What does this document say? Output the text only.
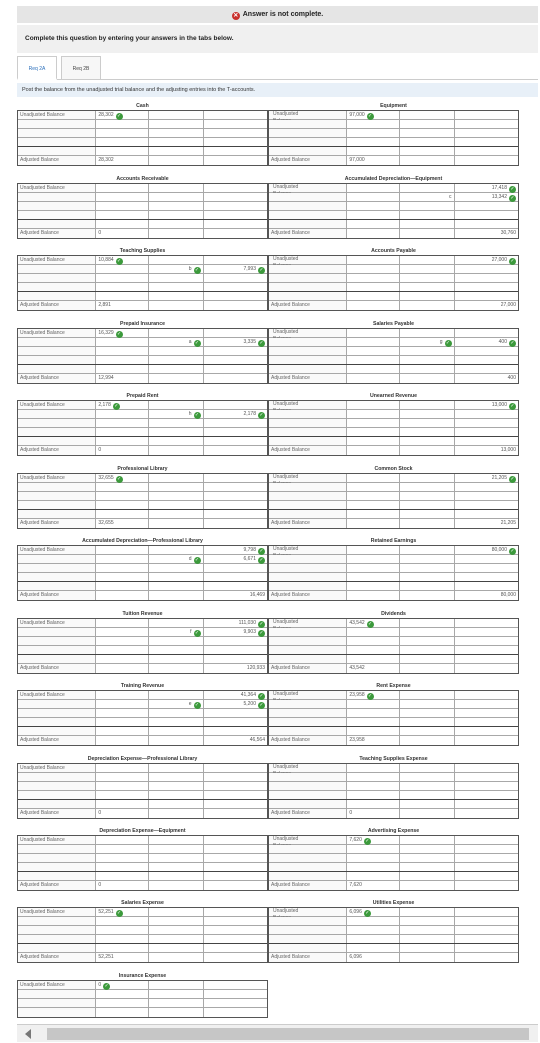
✕ Answer is not complete.
Complete this question by entering your answers in the tabs below.
Req 2A	Req 2B
Post the balance from the unadjusted trial balance and the adjusting entries into the T-accounts.
Cash
Unadjusted Balance	28,302 ✓
Adjusted Balance	28,302
Equipment
Unadjusted	97,000 ✓
Adjusted Balance	97,000
Accounts Receivable
Unadjusted Balance
Adjusted Balance	0
Accumulated Depreciation—Equipment
Unadjusted	17,418 ✓
c	13,342 ✓
Adjusted Balance	30,760
Teaching Supplies
Unadjusted Balance	10,884 ✓
b ✓	7,993 ✓
Adjusted Balance	2,891
Accounts Payable
Unadjusted	27,000 ✓
Adjusted Balance	27,000
Prepaid Insurance
Unadjusted Balance	16,329 ✓
a ✓	3,335 ✓
Adjusted Balance	12,994
Salaries Payable
Unadjusted
g ✓	400 ✓
Adjusted Balance	400
Prepaid Rent
Unadjusted Balance	2,178 ✓
h ✓	2,178 ✓
Adjusted Balance	0
Unearned Revenue
Unadjusted	13,000 ✓
Adjusted Balance	13,000
Professional Library
Unadjusted Balance	32,655 ✓
Adjusted Balance	32,655
Common Stock
Unadjusted	21,205 ✓
Adjusted Balance	21,205
Accumulated Depreciation—Professional Library
Unadjusted Balance	9,798 ✓
d ✓	6,671 ✓
Adjusted Balance	16,469
Retained Earnings
Unadjusted	80,000 ✓
Adjusted Balance	80,000
Tuition Revenue
Unadjusted Balance	111,030 ✓
f ✓	9,903 ✓
Adjusted Balance	120,933
Dividends
Unadjusted	43,542 ✓
Adjusted Balance	43,542
Training Revenue
Unadjusted Balance	41,364 ✓
e ✓	5,200 ✓
Adjusted Balance	46,564
Rent Expense
Unadjusted	23,958 ✓
Adjusted Balance	23,958
Depreciation Expense—Professional Library
Unadjusted Balance
Adjusted Balance	0
Teaching Supplies Expense
Unadjusted
Adjusted Balance	0
Depreciation Expense—Equipment
Unadjusted Balance
Adjusted Balance	0
Advertising Expense
Unadjusted	7,620 ✓
Adjusted Balance	7,620
Salaries Expense
Unadjusted Balance	52,251 ✓
Adjusted Balance	52,251
Utilities Expense
Unadjusted	6,096 ✓
Adjusted Balance	6,096
Insurance Expense
Unadjusted Balance	0 ✓
